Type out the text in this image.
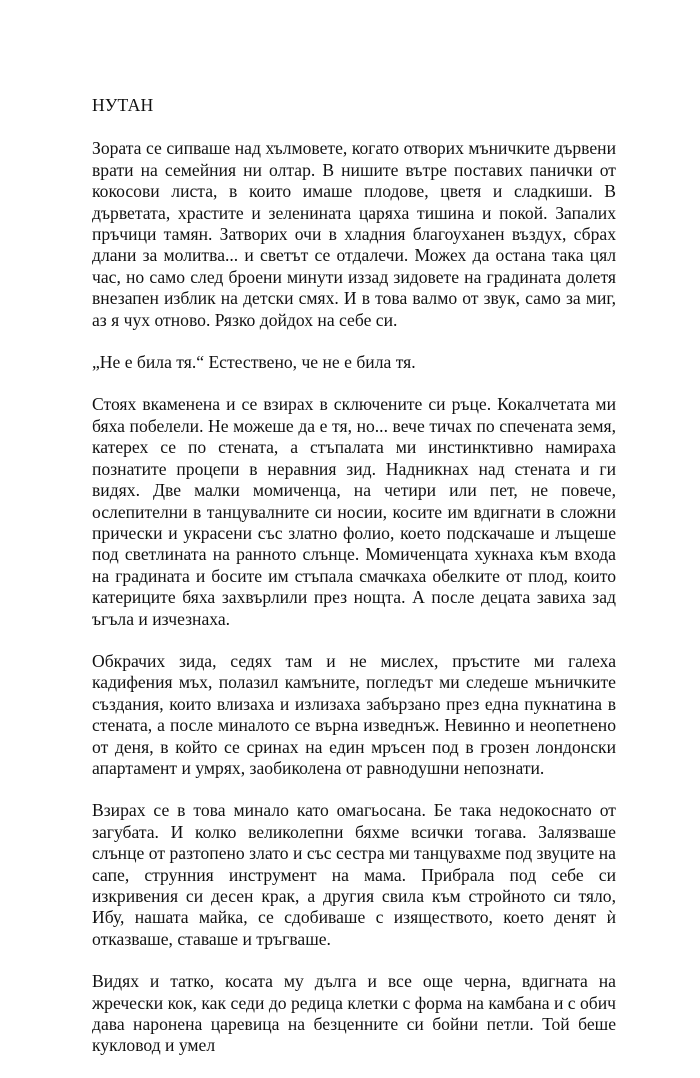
НУТАН

Зората се сипваше над хълмовете, когато отворих мъничките дървени врати на семейния ни олтар. В нишите вътре поставих панички от кокосови листа, в които имаше плодове, цветя и сладкиши. В дърветата, храстите и зеленината царяха тишина и покой. Запалих пръчици тамян. Затворих очи в хладния благоуханен въздух, сбрах длани за молитва... и светът се отдалечи. Можех да остана така цял час, но само след броени минути иззад зидовете на градината долетя внезапен изблик на детски смях. И в това валмо от звук, само за миг, аз я чух отново. Рязко дойдох на себе си.

„Не е била тя.“ Естествено, че не е била тя.

Стоях вкаменена и се взирах в сключените си ръце. Кокалчетата ми бяха побелели. Не можеше да е тя, но... вече тичах по спечената земя, катерех се по стената, а стъпалата ми инстинктивно намираха познатите процепи в неравния зид. Надникнах над стената и ги видях. Две малки момиченца, на четири или пет, не повече, ослепителни в танцувалните си носии, косите им вдигнати в сложни прически и украсени със златно фолио, което подскачаше и лъщеше под светлината на ранното слънце. Момиченцата хукнаха към входа на градината и босите им стъпала смачкаха обелките от плод, които катериците бяха захвърлили през нощта. А после децата завиха зад ъгъла и изчезнаха.

Обкрачих зида, седях там и не мислех, пръстите ми галеха кадифения мъх, полазил камъните, погледът ми следеше мъничките създания, които влизаха и излизаха забързано през една пукнатина в стената, а после миналото се върна изведнъж. Невинно и неопетнено от деня, в който се сринах на един мръсен под в грозен лондонски апартамент и умрях, заобиколена от равнодушни непознати.

Взирах се в това минало като омагьосана. Бе така недокоснато от загубата. И колко великолепни бяхме всички тогава. Залязваше слънце от разтопено злато и със сестра ми танцувахме под звуците на сапе, струнния инструмент на мама. Прибрала под себе си изкривения си десен крак, а другия свила към стройното си тяло, Ибу, нашата майка, се сдобиваше с изяществото, което денят ѝ отказваше, ставаше и тръгваше.

Видях и татко, косата му дълга и все още черна, вдигната на жречески кок, как седи до редица клетки с форма на камбана и с обич дава наронена царевица на безценните си бойни петли. Той беше кукловод и умел
